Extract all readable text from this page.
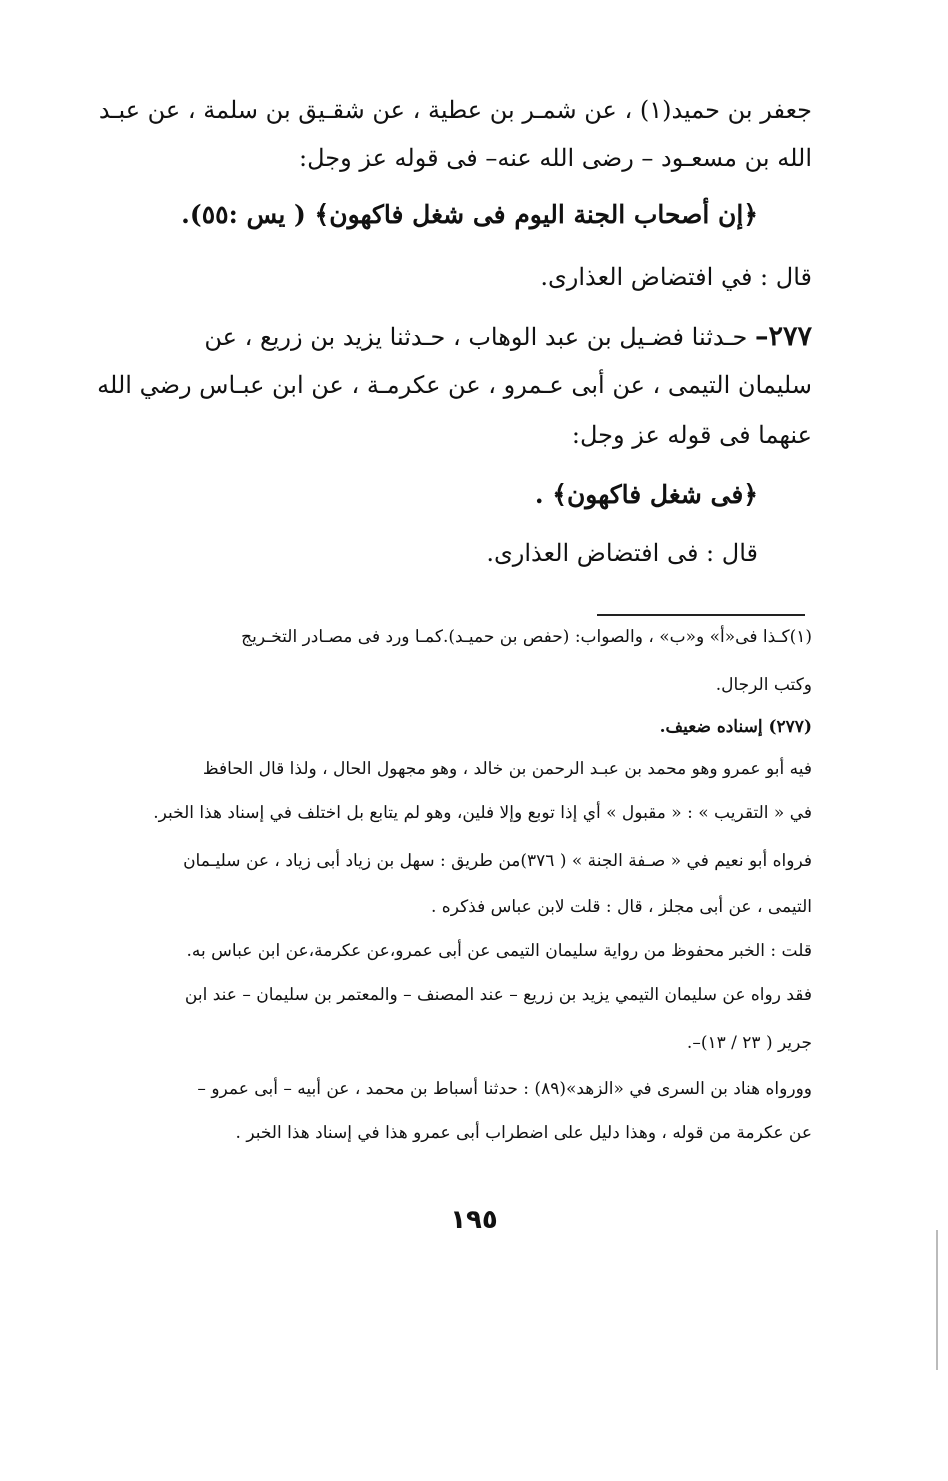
جعفر بن حميد(١) ، عن شمـر بن عطية ، عن شقـيق بن سلمة ، عن عبـد
الله بن مسعـود – رضى الله عنه– فى قوله عز وجل:
﴿إن أصحاب الجنة اليوم فى شغل فاكهون﴾ ( يس :٥٥).
قال : في افتضاض العذارى.
٢٧٧– حـدثنا فضـيل بن عبد الوهاب ، حـدثنا يزيد بن زريع ، عن
سليمان التيمى ، عن أبى عـمرو ، عن عكرمـة ، عن ابن عبـاس رضي الله
عنهما فى قوله عز وجل:
﴿فى شغل فاكهون﴾ .
قال : فى افتضاض العذارى.
(١)كـذا فى«أ» و«ب» ، والصواب: (حفص بن حميـد).كمـا ورد فى مصـادر التخـريج
وكتب الرجال.
(٢٧٧) إسناده ضعيف.
فيه أبو عمرو وهو محمد بن عبـد الرحمن بن خالد ، وهو مجهول الحال ، ولذا قال الحافظ
في « التقريب » : « مقبول » أي إذا توبع وإلا فلين، وهو لم يتابع بل اختلف في إسناد هذا الخبر.
فرواه أبو نعيم في « صـفة الجنة » ( ٣٧٦)من طريق : سهل بن زياد أبى زياد ، عن سليـمان
التيمى ، عن أبى مجلز ، قال : قلت لابن عباس فذكره .
قلت : الخبر محفوظ من رواية سليمان التيمى عن أبى عمرو،عن عكرمة،عن ابن عباس به.
فقد رواه عن سليمان التيمي يزيد بن زريع – عند المصنف – والمعتمر بن سليمان – عند ابن
جرير ( ٢٣ / ١٣)–.
وورواه هناد بن السرى في «الزهد»(٨٩) : حدثنا أسباط بن محمد ، عن أبيه – أبى عمرو –
عن عكرمة من قوله ، وهذا دليل على اضطراب أبى عمرو هذا في إسناد هذا الخبر .
١٩٥
